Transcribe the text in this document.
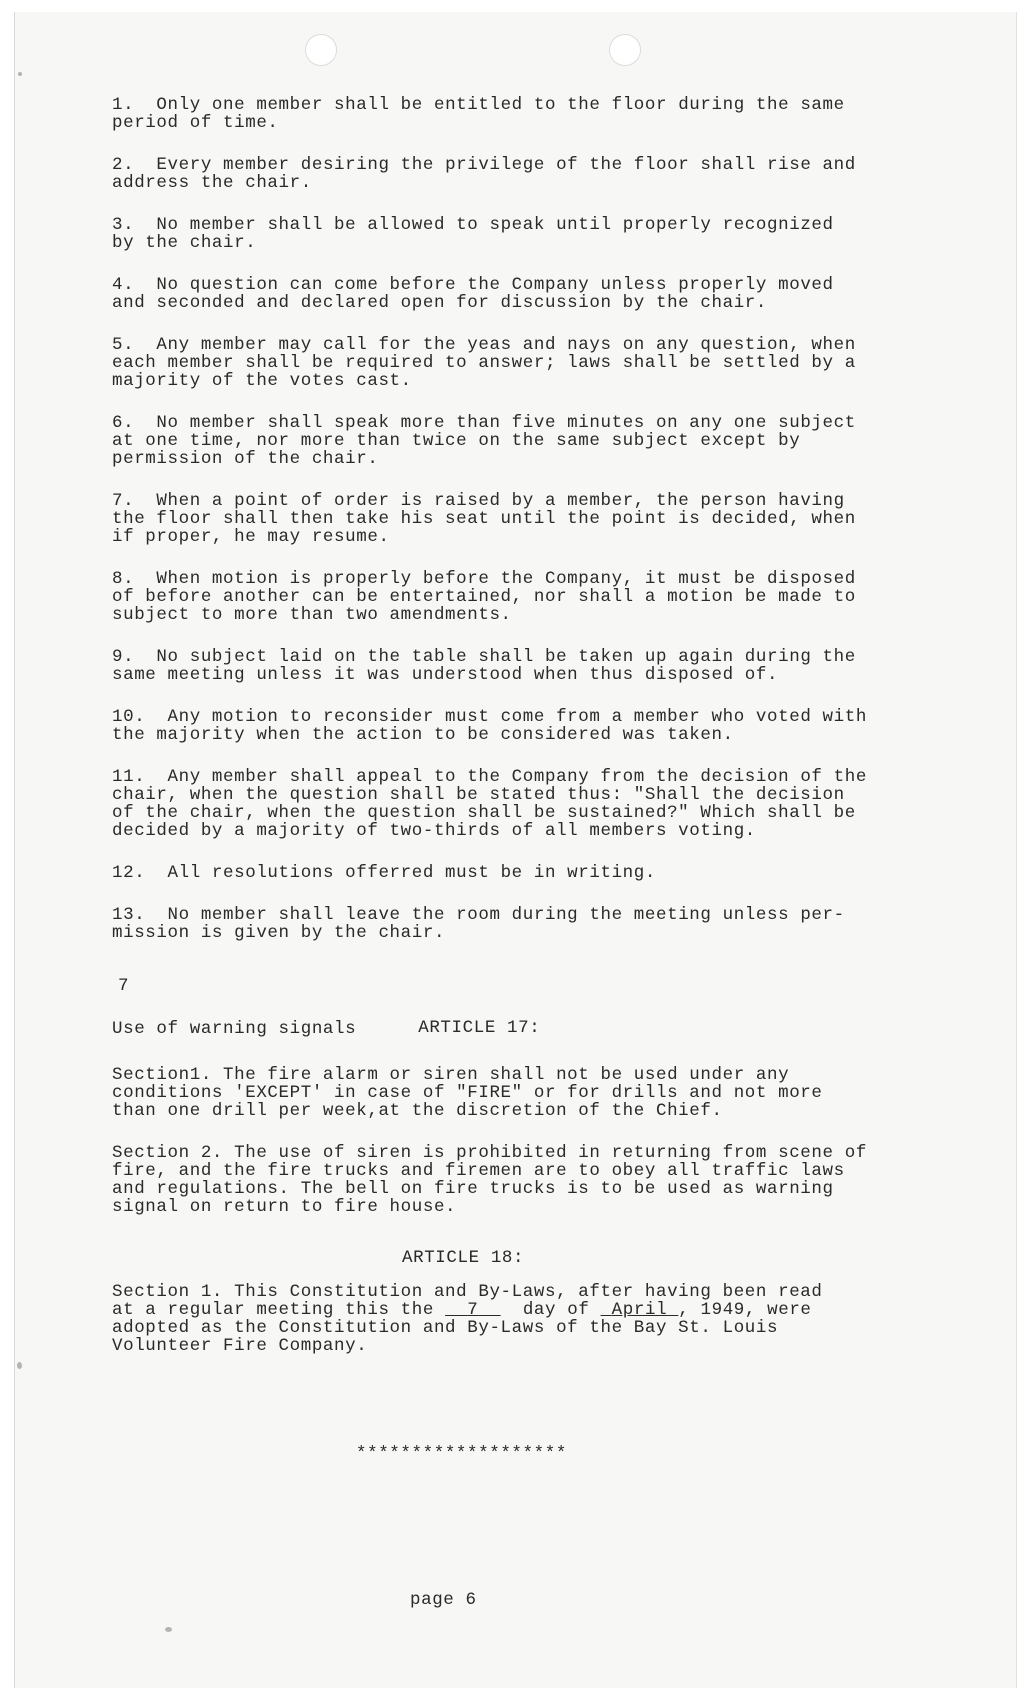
1.  Only one member shall be entitled to the floor during the same
period of time.
2.  Every member desiring the privilege of the floor shall rise and
address the chair.
3.  No member shall be allowed to speak until properly recognized
by the chair.
4.  No question can come before the Company unless properly moved
and seconded and declared open for discussion by the chair.
5.  Any member may call for the yeas and nays on any question, when
each member shall be required to answer; laws shall be settled by a
majority of the votes cast.
6.  No member shall speak more than five minutes on any one subject
at one time, nor more than twice on the same subject except by
permission of the chair.
7.  When a point of order is raised by a member, the person having
the floor shall then take his seat until the point is decided, when
if proper, he may resume.
8.  When motion is properly before the Company, it must be disposed
of before another can be entertained, nor shall a motion be made to
subject to more than two amendments.
9.  No subject laid on the table shall be taken up again during the
same meeting unless it was understood when thus disposed of.
10.  Any motion to reconsider must come from a member who voted with
the majority when the action to be considered was taken.
11.  Any member shall appeal to the Company from the decision of the
chair, when the question shall be stated thus: "Shall the decision
of the chair, when the question shall be sustained?" Which shall be
decided by a majority of two-thirds of all members voting.
12.  All resolutions offerred must be in writing.
13.  No member shall leave the room during the meeting unless per-
mission is given by the chair.

7

ARTICLE 17:

Use of warning signals
Section1. The fire alarm or siren shall not be used under any
conditions 'EXCEPT' in case of "FIRE" or for drills and not more
than one drill per week,at the discretion of the Chief.
Section 2. The use of siren is prohibited in returning from scene of
fire, and the fire trucks and firemen are to obey all traffic laws
and regulations. The bell on fire trucks is to be used as warning
signal on return to fire house.
ARTICLE 18:
Section 1. This Constitution and By-Laws, after having been read
at a regular meeting this the 7	day of April , 1949, were
adopted as the Constitution and By-Laws of the Bay St. Louis
Volunteer Fire Company.
*******************
page 6
